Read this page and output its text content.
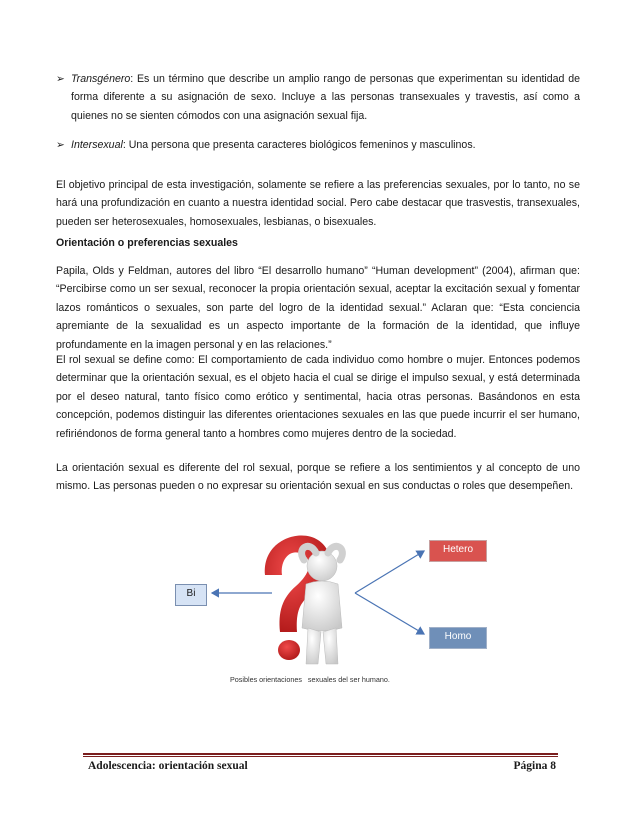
➢ Transgénero: Es un término que describe un amplio rango de personas que experimentan su identidad de forma diferente a su asignación de sexo. Incluye a las personas transexuales y travestis, así como a quienes no se sienten cómodos con una asignación sexual fija.
➢ Intersexual: Una persona que presenta caracteres biológicos femeninos y masculinos.
El objetivo principal de esta investigación, solamente se refiere a las preferencias sexuales, por lo tanto, no se hará una profundización en cuanto a nuestra identidad social. Pero cabe destacar que trasvestis, transexuales, pueden ser heterosexuales, homosexuales, lesbianas, o bisexuales.
Orientación o preferencias sexuales
Papila, Olds y Feldman, autores del libro “El desarrollo humano” “Human development” (2004), afirman que: “Percibirse como un ser sexual, reconocer la propia orientación sexual, aceptar la excitación sexual y fomentar lazos románticos o sexuales, son parte del logro de la identidad sexual.” Aclaran que: “Esta conciencia apremiante de la sexualidad es un aspecto importante de la formación de la identidad, que influye profundamente en la imagen personal y en las relaciones.”
El rol sexual se define como: El comportamiento de cada individuo como hombre o mujer. Entonces podemos determinar que la orientación sexual, es el objeto hacia el cual se dirige el impulso sexual, y está determinada por el deseo natural, tanto físico como erótico y sentimental, hacia otras personas. Basándonos en esta concepción, podemos distinguir las diferentes orientaciones sexuales en las que puede incurrir el ser humano, refiriéndonos de forma general tanto a hombres como mujeres dentro de la sociedad.
La orientación sexual es diferente del rol sexual, porque se refiere a los sentimientos y al concepto de uno mismo. Las personas pueden o no expresar su orientación sexual en sus conductas o roles que desempeñen.
Bi
Hetero
Homo
Posibles orientaciones   sexuales del ser humano.
Adolescencia: orientación sexual	Página 8
